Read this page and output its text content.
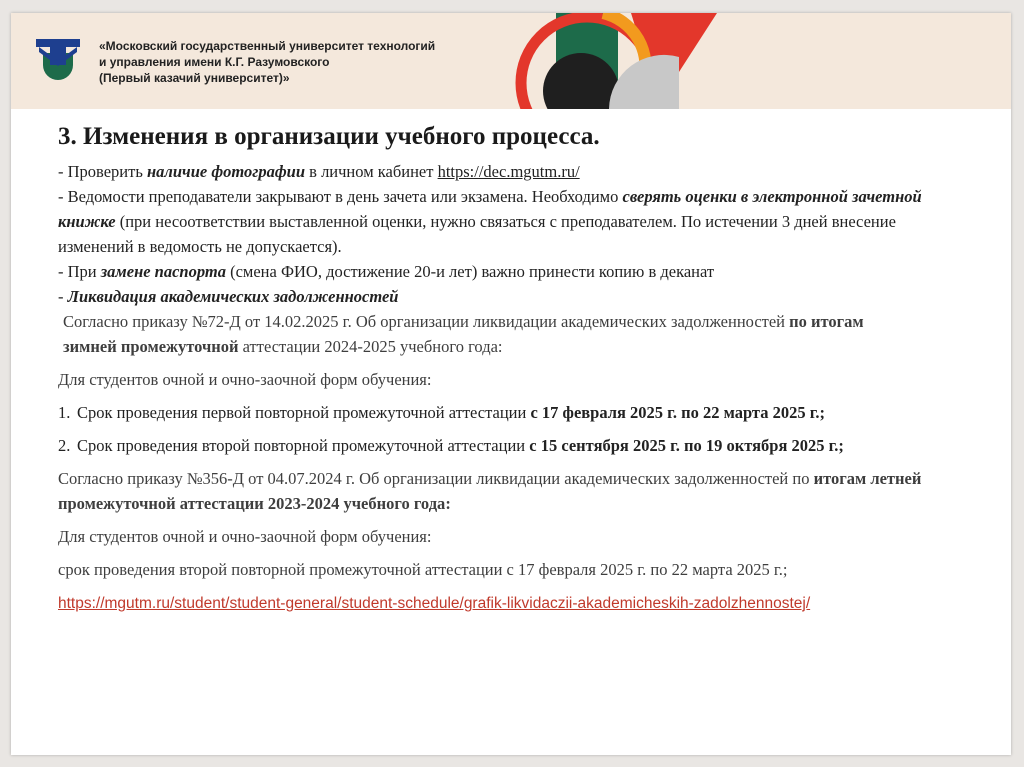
«Московский государственный университет технологий
и управления имени К.Г. Разумовского
(Первый казачий университет)»
3. Изменения в организации учебного процесса.

- Проверить наличие фотографии в личном кабинет https://dec.mgutm.ru/

- Ведомости преподаватели закрывают в день зачета или экзамена. Необходимо сверять оценки в электронной зачетной книжке (при несоответствии выставленной оценки, нужно связаться с преподавателем. По истечении 3 дней внесение изменений в ведомость не допускается).

- При замене паспорта (смена ФИО, достижение 20-и лет) важно принести копию в деканат

- Ликвидация академических задолженностей

Согласно приказу №72-Д от 14.02.2025 г. Об организации ликвидации академических задолженностей по итогам
зимней промежуточной аттестации 2024-2025 учебного года:

Для студентов очной и очно-заочной форм обучения:

1. Срок проведения первой повторной промежуточной аттестации с 17 февраля 2025 г. по 22 марта 2025 г.;
2. Срок проведения второй повторной промежуточной аттестации с 15 сентября 2025 г. по 19 октября 2025 г.;

Согласно приказу №356-Д от 04.07.2024 г. Об организации ликвидации академических задолженностей по итогам летней промежуточной аттестации 2023-2024 учебного года:

Для студентов очной и очно-заочной форм обучения:

срок проведения второй повторной промежуточной аттестации с 17 февраля 2025 г. по 22 марта 2025 г.;

https://mgutm.ru/student/student-general/student-schedule/grafik-likvidaczii-akademicheskih-zadolzhennostej/
